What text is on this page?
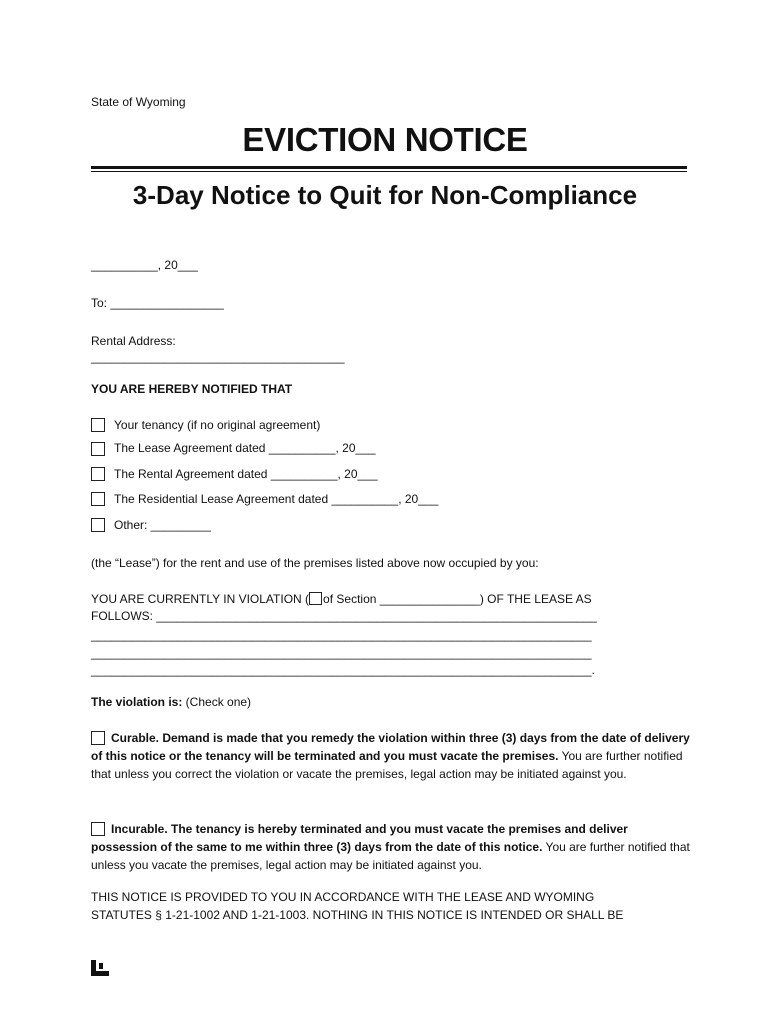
State of Wyoming
EVICTION NOTICE
3-Day Notice to Quit for Non-Compliance
__________, 20___
To: _________________
Rental Address:
______________________________________
YOU ARE HEREBY NOTIFIED THAT
Your tenancy (if no original agreement)
The Lease Agreement dated __________, 20___
The Rental Agreement dated __________, 20___
The Residential Lease Agreement dated __________, 20___
Other: _________
(the “Lease”) for the rent and use of the premises listed above now occupied by you:
YOU ARE CURRENTLY IN VIOLATION ( of Section _______________) OF THE LEASE AS
FOLLOWS: __________________________________________________________________
___________________________________________________________________________
___________________________________________________________________________
___________________________________________________________________________.
The violation is: (Check one)
Curable. Demand is made that you remedy the violation within three (3) days from the date of delivery of this notice or the tenancy will be terminated and you must vacate the premises. You are further notified that unless you correct the violation or vacate the premises, legal action may be initiated against you.
Incurable. The tenancy is hereby terminated and you must vacate the premises and deliver possession of the same to me within three (3) days from the date of this notice. You are further notified that unless you vacate the premises, legal action may be initiated against you.
THIS NOTICE IS PROVIDED TO YOU IN ACCORDANCE WITH THE LEASE AND WYOMING
STATUTES § 1-21-1002 AND 1-21-1003. NOTHING IN THIS NOTICE IS INTENDED OR SHALL BE
